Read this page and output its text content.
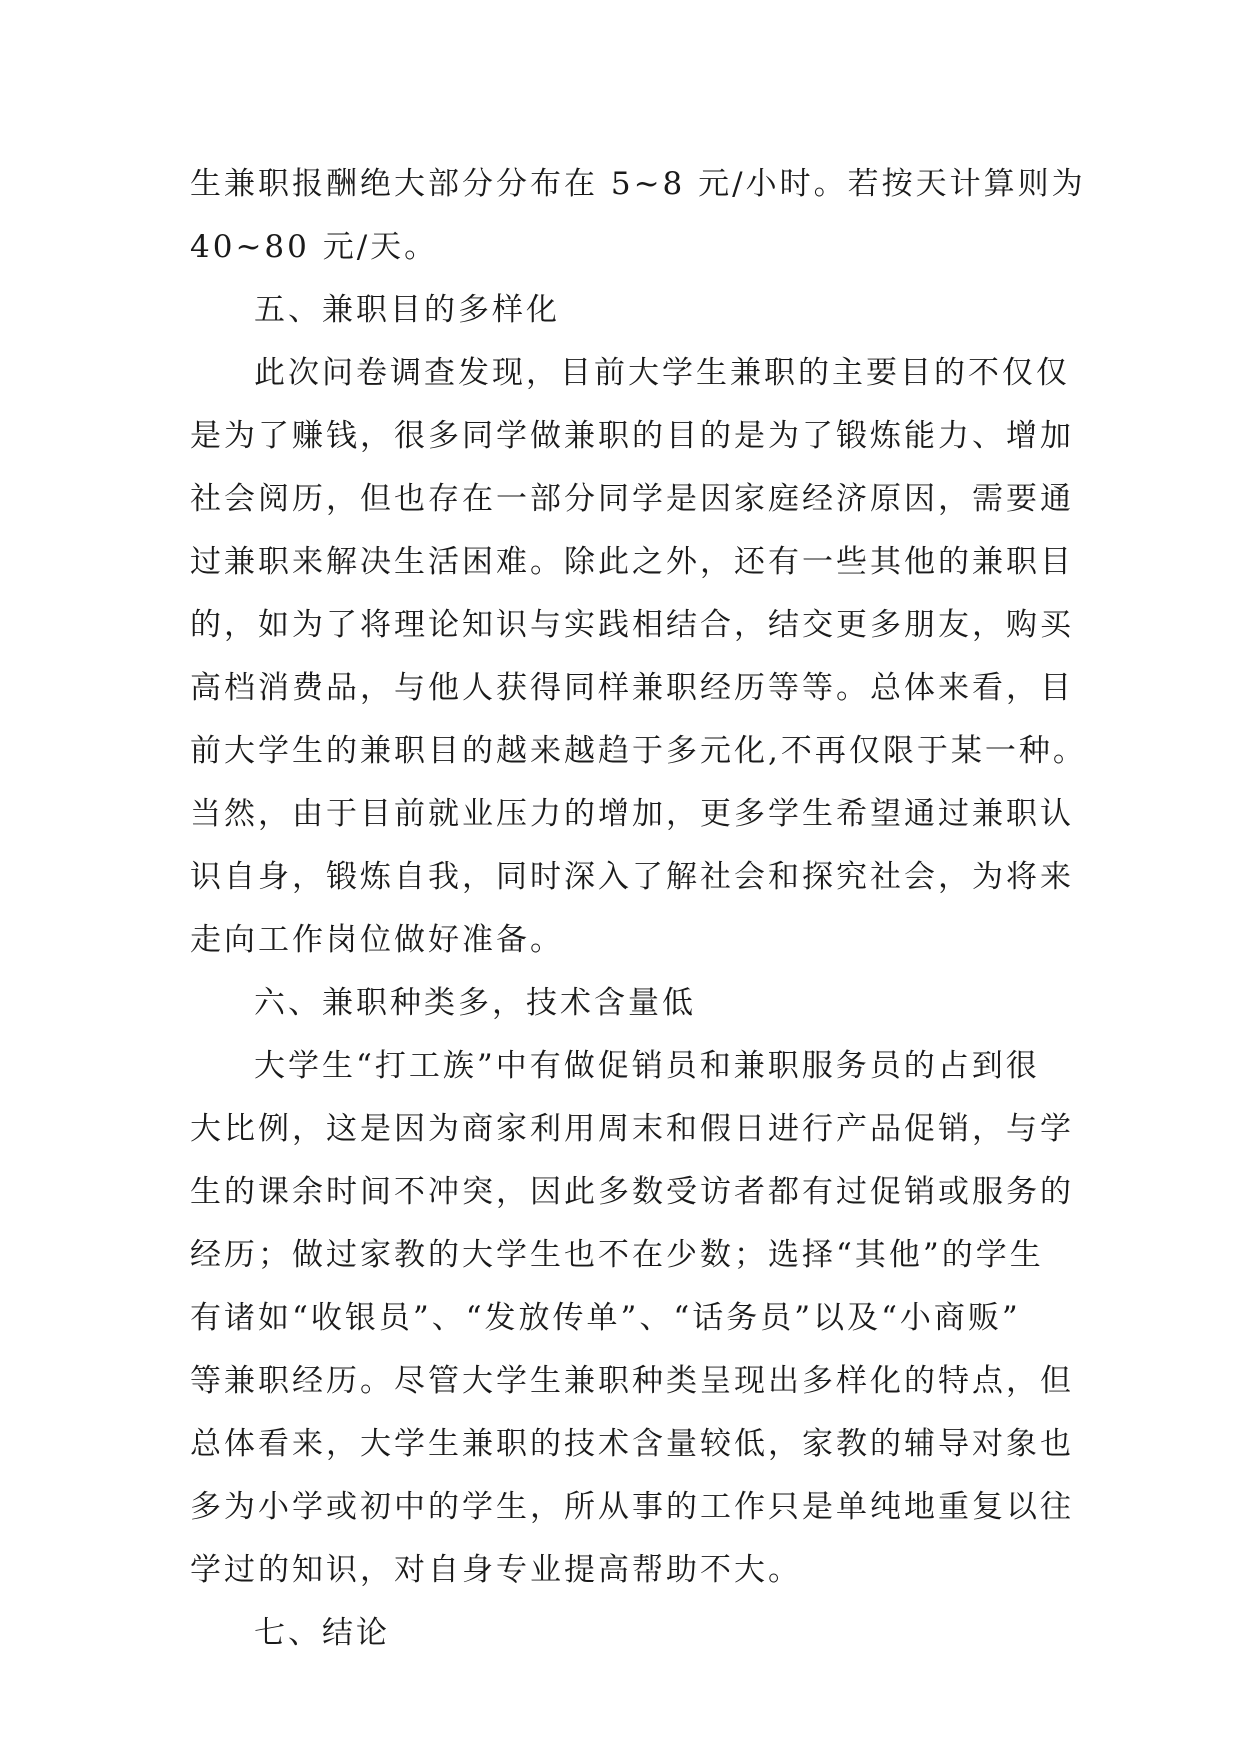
生兼职报酬绝大部分分布在 5~8 元/小时。若按天计算则为
40~80 元/天。
五、兼职目的多样化
此次问卷调查发现，目前大学生兼职的主要目的不仅仅
是为了赚钱，很多同学做兼职的目的是为了锻炼能力、增加
社会阅历，但也存在一部分同学是因家庭经济原因，需要通
过兼职来解决生活困难。除此之外，还有一些其他的兼职目
的，如为了将理论知识与实践相结合，结交更多朋友，购买
高档消费品，与他人获得同样兼职经历等等。总体来看，目
前大学生的兼职目的越来越趋于多元化,不再仅限于某一种。
当然，由于目前就业压力的增加，更多学生希望通过兼职认
识自身，锻炼自我，同时深入了解社会和探究社会，为将来
走向工作岗位做好准备。
六、兼职种类多，技术含量低
大学生“打工族”中有做促销员和兼职服务员的占到很
大比例，这是因为商家利用周末和假日进行产品促销，与学
生的课余时间不冲突，因此多数受访者都有过促销或服务的
经历；做过家教的大学生也不在少数；选择“其他”的学生
有诸如“收银员”、“发放传单”、“话务员”以及“小商贩”
等兼职经历。尽管大学生兼职种类呈现出多样化的特点，但
总体看来，大学生兼职的技术含量较低，家教的辅导对象也
多为小学或初中的学生，所从事的工作只是单纯地重复以往
学过的知识，对自身专业提高帮助不大。
七、结论
